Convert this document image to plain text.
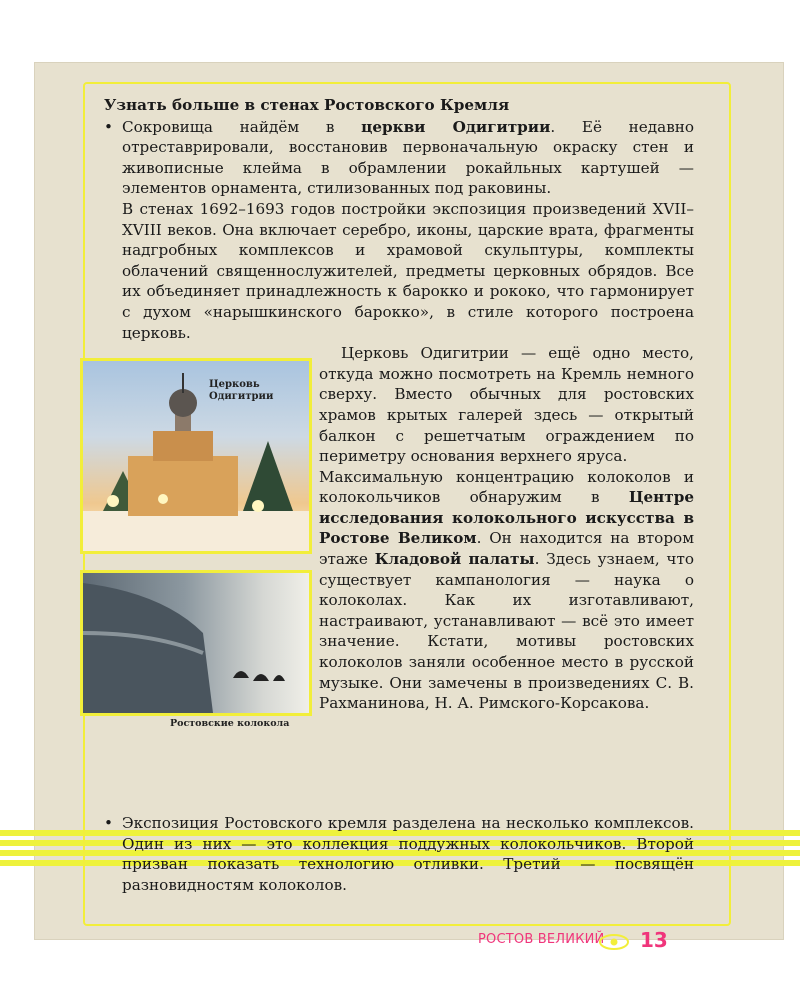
Узнать больше в стенах Ростовского Кремля
• Сокровища найдём в церкви Одигитрии. Её недавно отреставрировали, восстановив первоначальную окраску стен и живописные клейма в обрамлении рокайльных картушей — элементов орнамента, стилизованных под раковины.

В стенах 1692–1693 годов постройки экспозиция произведений XVII–XVIII веков. Она включает серебро, иконы, царские врата, фрагменты надгробных комплексов и храмовой скульптуры, комплекты облачений священнослужителей, предметы церковных обрядов. Все их объединяет принадлежность к барокко и рококо, что гармонирует с духом «нарышкинского барокко», в стиле которого построена церковь.

Церковь Одигитрии — ещё одно место, откуда можно посмотреть на Кремль немного сверху. Вместо обычных для ростовских храмов крытых галерей здесь — открытый балкон с решетчатым ограждением по периметру основания верхнего яруса.

Максимальную концентрацию колоколов и колокольчиков обнаружим в Центре исследования колокольного искусства в Ростове Великом. Он находится на втором этаже Кладовой палаты. Здесь узнаем, что существует кампанология — наука о колоколах. Как их изготавливают, настраивают, устанавливают — всё это имеет значение. Кстати, мотивы ростовских колоколов заняли особенное место в русской музыке. Они замечены в произведениях С. В. Рахманинова, Н. А. Римского-Корсакова.
• Экспозиция Ростовского кремля разделена на несколько комплексов. Один из них — это коллекция поддужных колокольчиков. Второй призван показать технологию отливки. Третий — посвящён разновидностям колоколов.
Церковь Одигитрии
Ростовские колокола
РОСТОВ ВЕЛИКИЙ 13
